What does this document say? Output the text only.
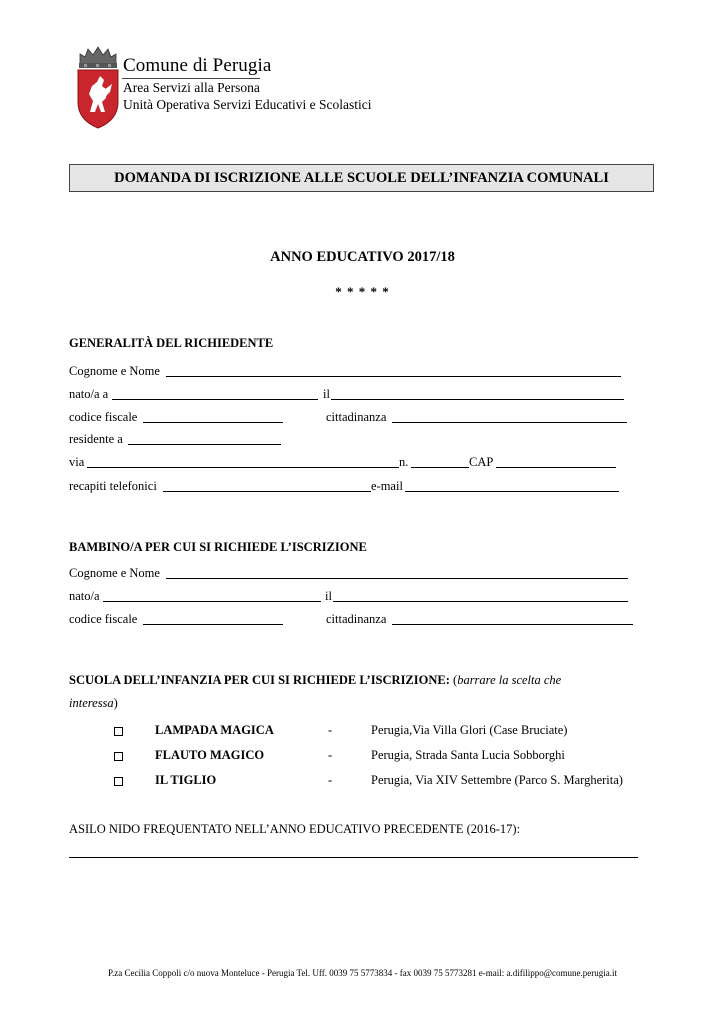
Comune di Perugia
Area Servizi alla Persona
Unità Operativa Servizi Educativi e Scolastici
DOMANDA DI ISCRIZIONE ALLE SCUOLE DELL’INFANZIA COMUNALI
ANNO EDUCATIVO 2017/18
* * * * *
GENERALITÀ DEL RICHIEDENTE
Cognome e Nome
nato/a a	il
codice fiscale	cittadinanza
residente a
via	n.	CAP
recapiti telefonici	e-mail
BAMBINO/A PER CUI SI RICHIEDE L’ISCRIZIONE
Cognome e Nome
nato/a	il
codice fiscale	cittadinanza
SCUOLA DELL’INFANZIA PER CUI SI RICHIEDE L’ISCRIZIONE: (barrare la scelta che
interessa)
LAMPADA MAGICA	-	Perugia,Via Villa Glori (Case Bruciate)
FLAUTO MAGICO	-	Perugia, Strada Santa Lucia Sobborghi
IL TIGLIO	-	Perugia, Via XIV Settembre (Parco S. Margherita)
ASILO NIDO FREQUENTATO NELL’ANNO EDUCATIVO PRECEDENTE (2016-17):
P.za Cecilia Coppoli c/o nuova Monteluce - Perugia Tel. Uff. 0039 75 5773834 - fax 0039 75 5773281 e-mail: a.difilippo@comune.perugia.it
